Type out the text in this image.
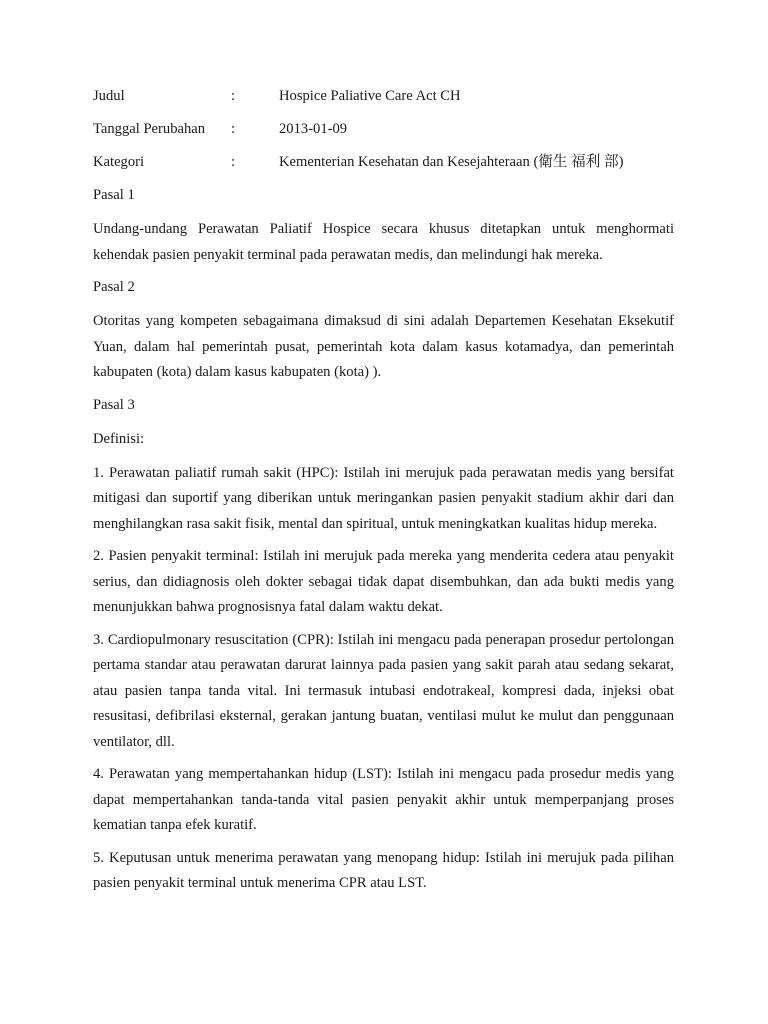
Judul	:	Hospice Paliative Care Act CH
Tanggal Perubahan	:	2013-01-09
Kategori	:	Kementerian Kesehatan dan Kesejahteraan (衛生 福利 部)
Pasal 1
Undang-undang Perawatan Paliatif Hospice secara khusus ditetapkan untuk menghormati kehendak pasien penyakit terminal pada perawatan medis, dan melindungi hak mereka.
Pasal 2
Otoritas yang kompeten sebagaimana dimaksud di sini adalah Departemen Kesehatan Eksekutif Yuan, dalam hal pemerintah pusat, pemerintah kota dalam kasus kotamadya, dan pemerintah kabupaten (kota) dalam kasus kabupaten (kota) ).
Pasal 3
Definisi:
1. Perawatan paliatif rumah sakit (HPC): Istilah ini merujuk pada perawatan medis yang bersifat mitigasi dan suportif yang diberikan untuk meringankan pasien penyakit stadium akhir dari dan menghilangkan rasa sakit fisik, mental dan spiritual, untuk meningkatkan kualitas hidup mereka.
2. Pasien penyakit terminal: Istilah ini merujuk pada mereka yang menderita cedera atau penyakit serius, dan didiagnosis oleh dokter sebagai tidak dapat disembuhkan, dan ada bukti medis yang menunjukkan bahwa prognosisnya fatal dalam waktu dekat.
3. Cardiopulmonary resuscitation (CPR): Istilah ini mengacu pada penerapan prosedur pertolongan pertama standar atau perawatan darurat lainnya pada pasien yang sakit parah atau sedang sekarat, atau pasien tanpa tanda vital. Ini termasuk intubasi endotrakeal, kompresi dada, injeksi obat resusitasi, defibrilasi eksternal, gerakan jantung buatan, ventilasi mulut ke mulut dan penggunaan ventilator, dll.
4. Perawatan yang mempertahankan hidup (LST): Istilah ini mengacu pada prosedur medis yang dapat mempertahankan tanda-tanda vital pasien penyakit akhir untuk memperpanjang proses kematian tanpa efek kuratif.
5. Keputusan untuk menerima perawatan yang menopang hidup: Istilah ini merujuk pada pilihan pasien penyakit terminal untuk menerima CPR atau LST.
